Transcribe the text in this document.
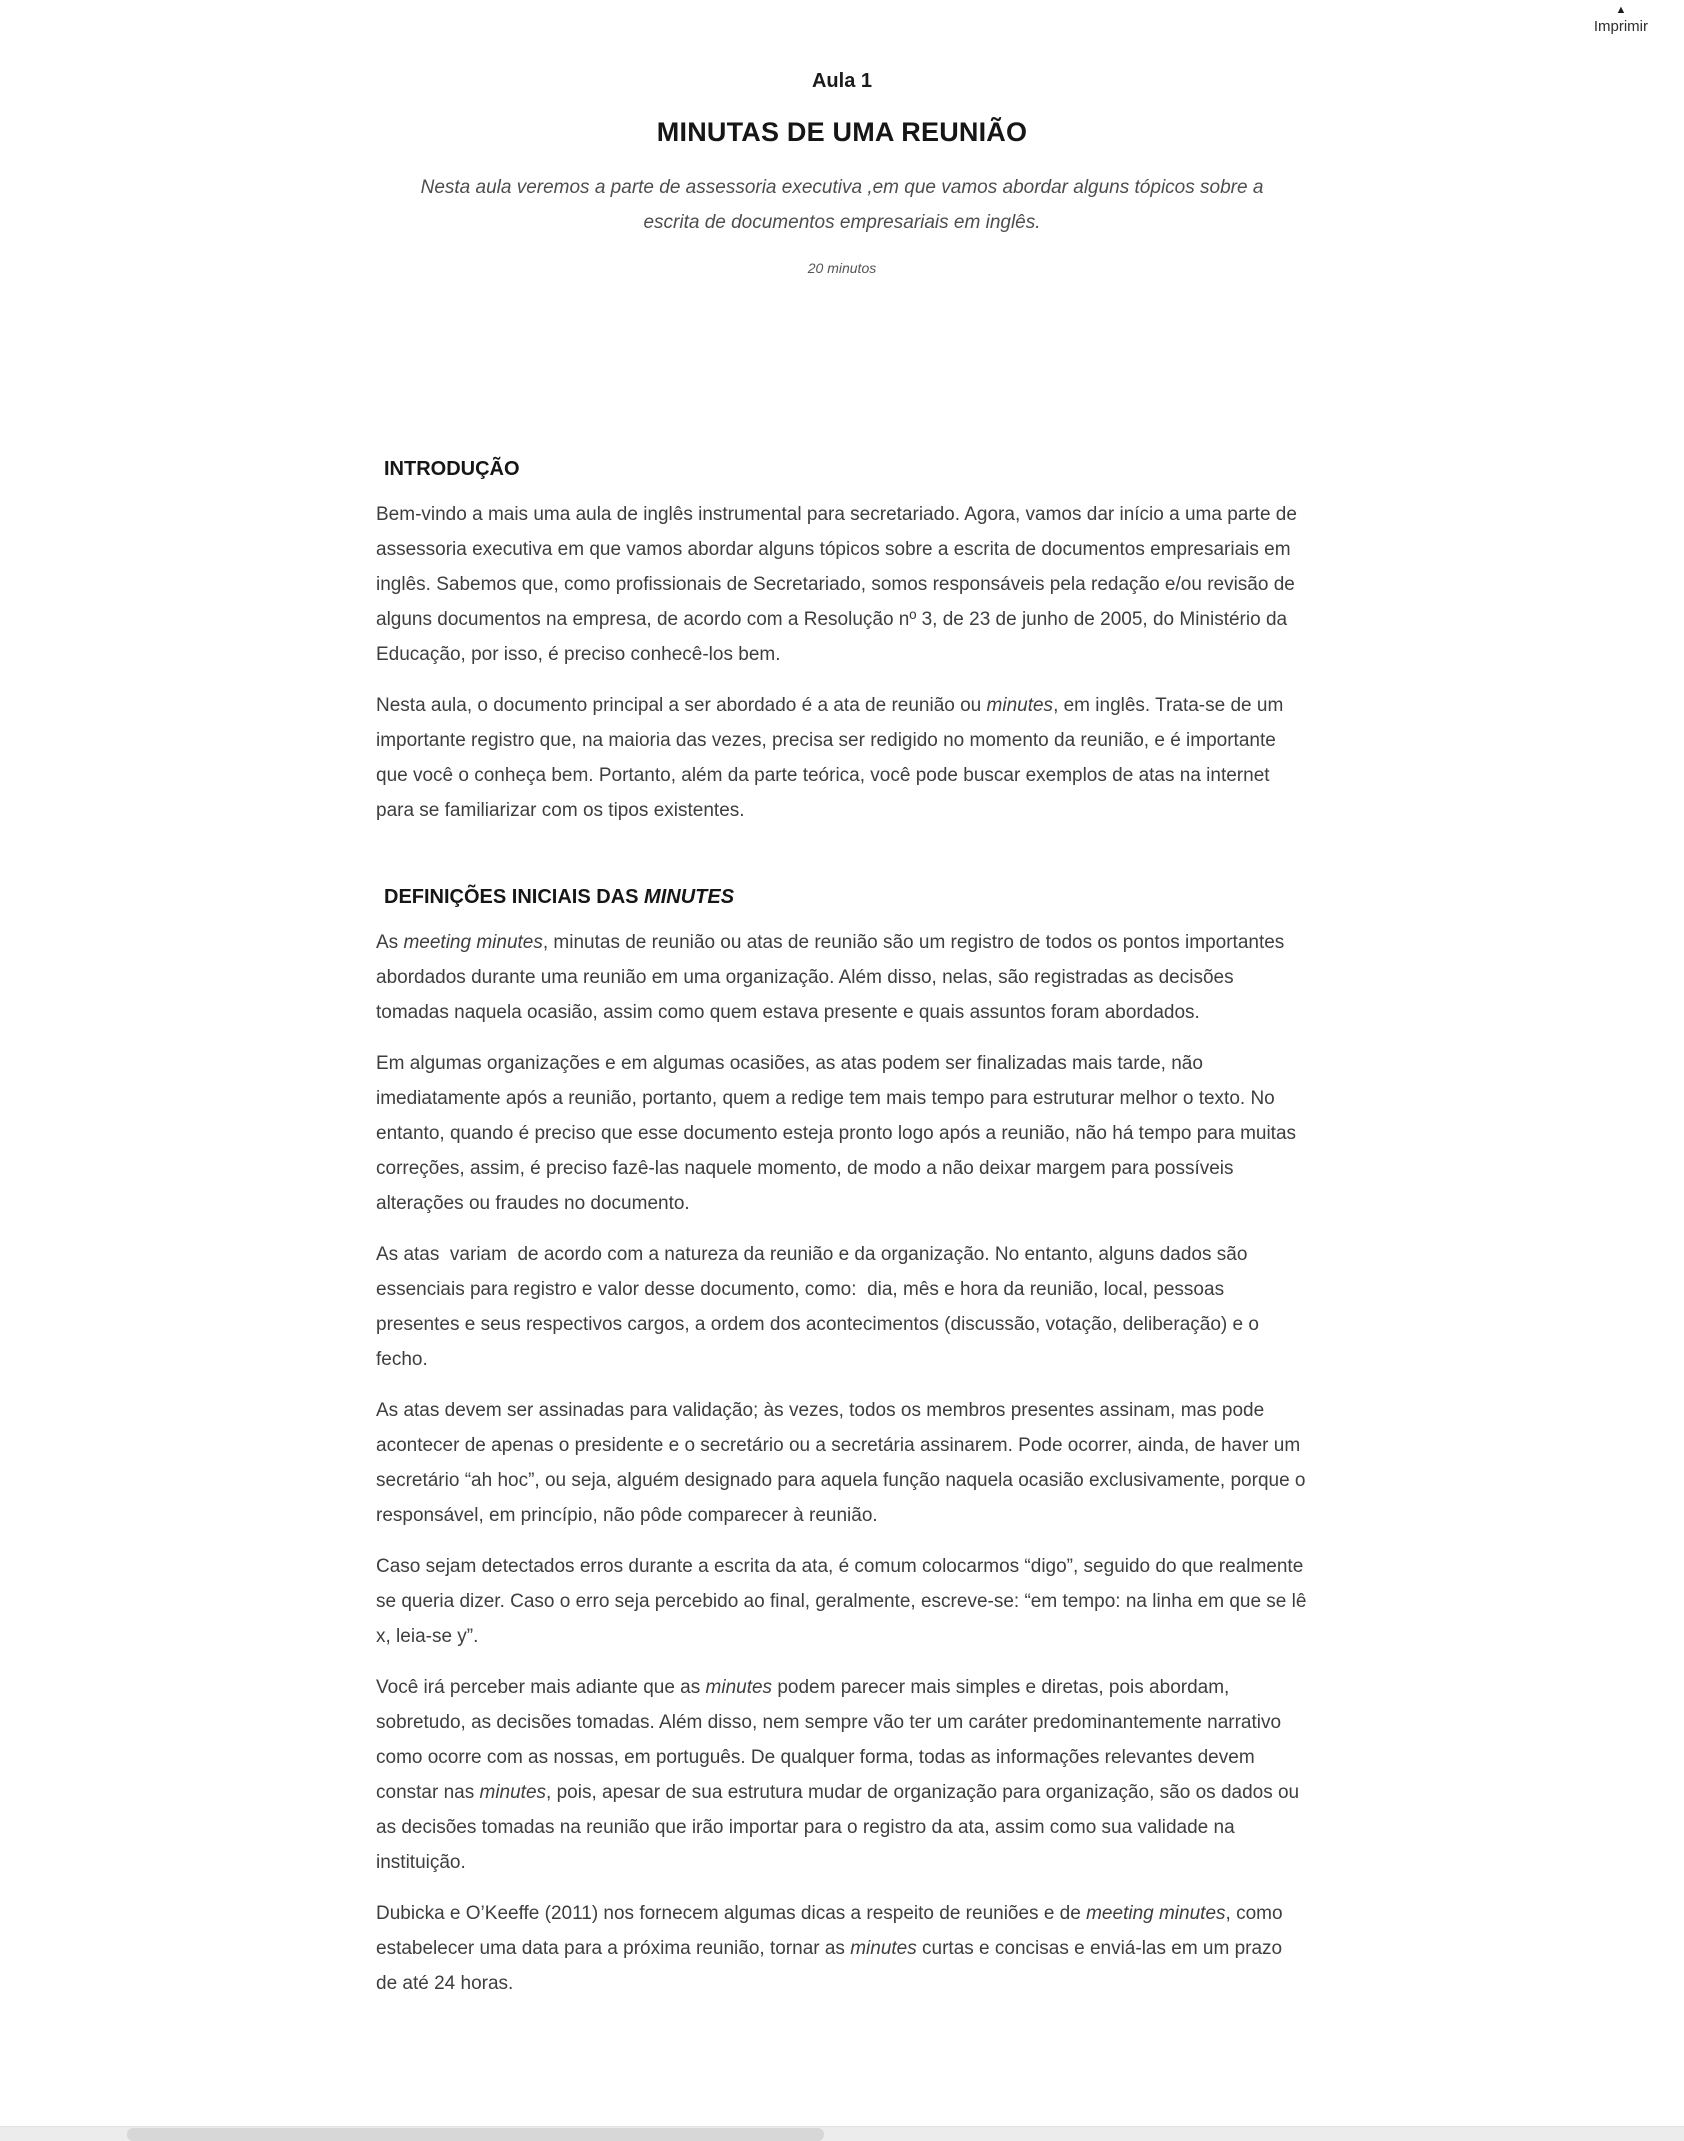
▲
Imprimir
Aula 1
MINUTAS DE UMA REUNIÃO

Nesta aula veremos a parte de assessoria executiva ,em que vamos abordar alguns tópicos sobre a escrita de documentos empresariais em inglês.

20 minutos
INTRODUÇÃO

Bem-vindo a mais uma aula de inglês instrumental para secretariado. Agora, vamos dar início a uma parte de assessoria executiva em que vamos abordar alguns tópicos sobre a escrita de documentos empresariais em inglês. Sabemos que, como profissionais de Secretariado, somos responsáveis pela redação e/ou revisão de alguns documentos na empresa, de acordo com a Resolução nº 3, de 23 de junho de 2005, do Ministério da Educação, por isso, é preciso conhecê-los bem.

Nesta aula, o documento principal a ser abordado é a ata de reunião ou minutes, em inglês. Trata-se de um importante registro que, na maioria das vezes, precisa ser redigido no momento da reunião, e é importante que você o conheça bem. Portanto, além da parte teórica, você pode buscar exemplos de atas na internet para se familiarizar com os tipos existentes.

DEFINIÇÕES INICIAIS DAS MINUTES

As meeting minutes, minutas de reunião ou atas de reunião são um registro de todos os pontos importantes abordados durante uma reunião em uma organização. Além disso, nelas, são registradas as decisões tomadas naquela ocasião, assim como quem estava presente e quais assuntos foram abordados.

Em algumas organizações e em algumas ocasiões, as atas podem ser finalizadas mais tarde, não imediatamente após a reunião, portanto, quem a redige tem mais tempo para estruturar melhor o texto. No entanto, quando é preciso que esse documento esteja pronto logo após a reunião, não há tempo para muitas correções, assim, é preciso fazê-las naquele momento, de modo a não deixar margem para possíveis alterações ou fraudes no documento.

As atas  variam  de acordo com a natureza da reunião e da organização. No entanto, alguns dados são essenciais para registro e valor desse documento, como:  dia, mês e hora da reunião, local, pessoas presentes e seus respectivos cargos, a ordem dos acontecimentos (discussão, votação, deliberação) e o fecho.

As atas devem ser assinadas para validação; às vezes, todos os membros presentes assinam, mas pode acontecer de apenas o presidente e o secretário ou a secretária assinarem. Pode ocorrer, ainda, de haver um secretário “ah hoc”, ou seja, alguém designado para aquela função naquela ocasião exclusivamente, porque o responsável, em princípio, não pôde comparecer à reunião.

Caso sejam detectados erros durante a escrita da ata, é comum colocarmos “digo”, seguido do que realmente se queria dizer. Caso o erro seja percebido ao final, geralmente, escreve-se: “em tempo: na linha em que se lê x, leia-se y”.

Você irá perceber mais adiante que as minutes podem parecer mais simples e diretas, pois abordam, sobretudo, as decisões tomadas. Além disso, nem sempre vão ter um caráter predominantemente narrativo como ocorre com as nossas, em português. De qualquer forma, todas as informações relevantes devem constar nas minutes, pois, apesar de sua estrutura mudar de organização para organização, são os dados ou as decisões tomadas na reunião que irão importar para o registro da ata, assim como sua validade na instituição.

Dubicka e O’Keeffe (2011) nos fornecem algumas dicas a respeito de reuniões e de meeting minutes, como estabelecer uma data para a próxima reunião, tornar as minutes curtas e concisas e enviá-las em um prazo de até 24 horas.
